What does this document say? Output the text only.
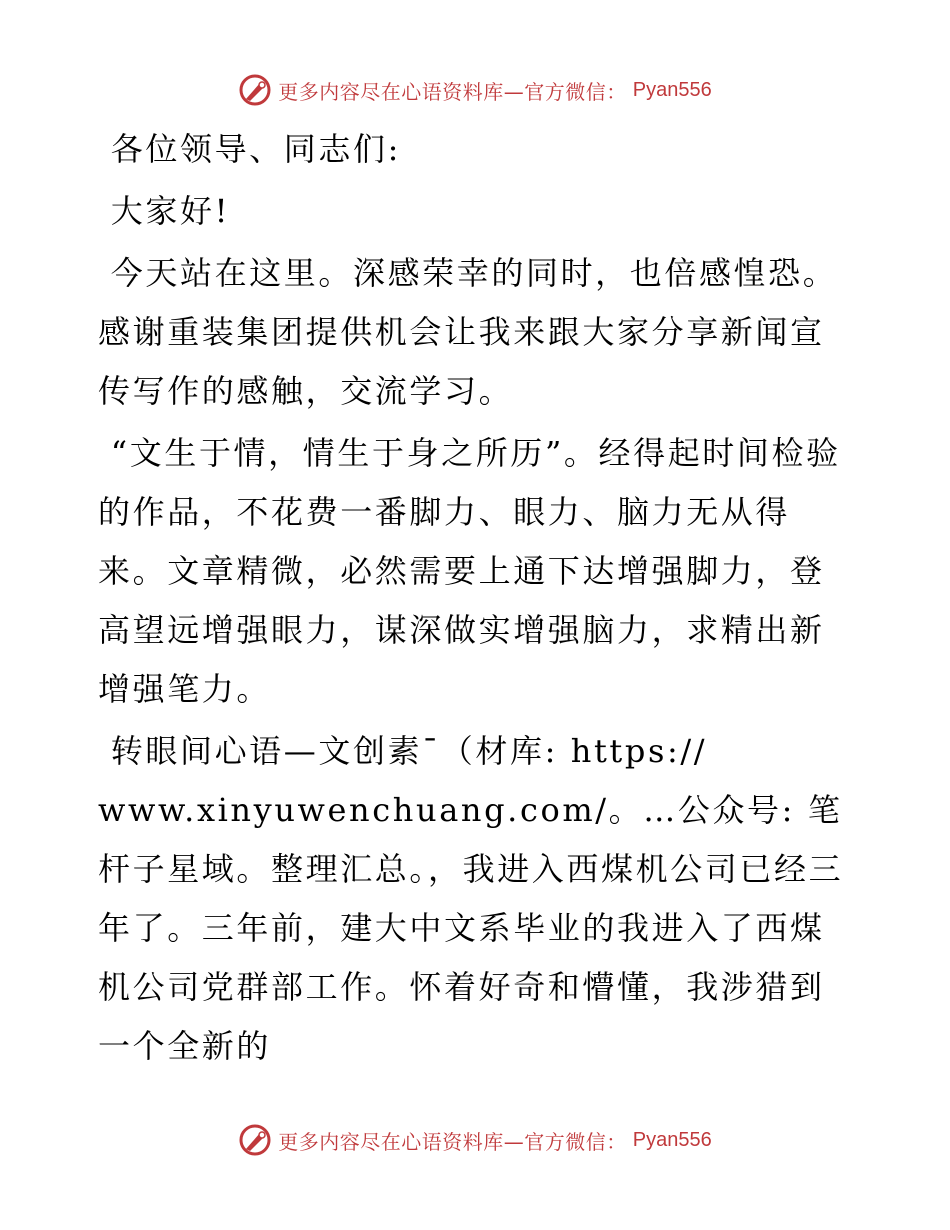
更多内容尽在心语资料库—官方微信： Pyan556

各位领导、同志们:

大家好!

今天站在这里。深感荣幸的同时，也倍感惶恐。感谢重装集团提供机会让我来跟大家分享新闻宣传写作的感触，交流学习。

“文生于情，情生于身之所历”。经得起时间检验的作品，不花费一番脚力、眼力、脑力无从得来。文章精微，必然需要上通下达增强脚力，登高望远增强眼力，谋深做实增强脑力，求精出新增强笔力。

转眼间心语—文创素¯（材库: https://
www.xinyuwenchuang.com/。…公众号: 笔杆子星域。整理汇总。，我进入西煤机公司已经三年了。三年前，建大中文系毕业的我进入了西煤机公司党群部工作。怀着好奇和懵懂，我涉猎到一个全新的

更多内容尽在心语资料库—官方微信： Pyan556
